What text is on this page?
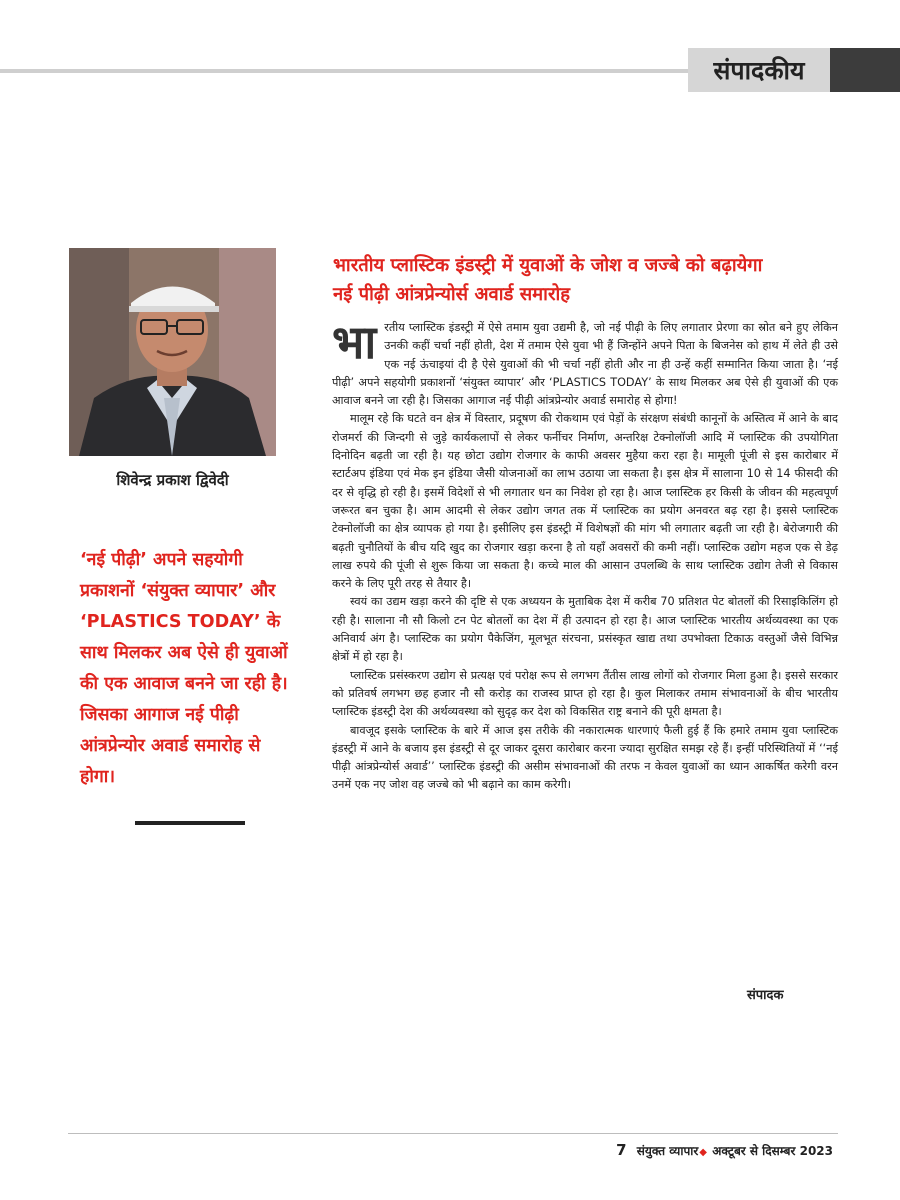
संपादकीय
शिवेन्द्र प्रकाश द्विवेदी
‘नई पीढ़ी’ अपने सहयोगी प्रकाशनों ‘संयुक्त व्यापार’ और ‘PLASTICS TODAY’ के साथ मिलकर अब ऐसे ही युवाओं की एक आवाज बनने जा रही है। जिसका आगाज नई पीढ़ी आंत्रप्रेन्योर अवार्ड समारोह से होगा।
भारतीय प्लास्टिक इंडस्ट्री में युवाओं के जोश व जज्बे को बढ़ायेगा
नई पीढ़ी आंत्रप्रेन्योर्स अवार्ड समारोह

भारतीय प्लास्टिक इंडस्ट्री में ऐसे तमाम युवा उद्यमी है, जो नई पीढ़ी के लिए लगातार प्रेरणा का स्रोत बने हुए लेकिन उनकी कहीं चर्चा नहीं होती, देश में तमाम ऐसे युवा भी हैं जिन्होंने अपने पिता के बिजनेस को हाथ में लेते ही उसे एक नई ऊंचाइयां दी है ऐसे युवाओं की भी चर्चा नहीं होती और ना ही उन्हें कहीं सम्मानित किया जाता है। ‘नई पीढ़ी’ अपने सहयोगी प्रकाशनों ‘संयुक्त व्यापार’ और ‘PLASTICS TODAY’ के साथ मिलकर अब ऐसे ही युवाओं की एक आवाज बनने जा रही है। जिसका आगाज नई पीढ़ी आंत्रप्रेन्योर अवार्ड समारोह से होगा!

मालूम रहे कि घटते वन क्षेत्र में विस्तार, प्रदूषण की रोकथाम एवं पेड़ों के संरक्षण संबंधी कानूनों के अस्तित्व में आने के बाद रोजमर्रा की जिन्दगी से जुड़े कार्यकलापों से लेकर फर्नीचर निर्माण, अन्तरिक्ष टेक्नोलॉजी आदि में प्लास्टिक की उपयोगिता दिनोदिन बढ़ती जा रही है। यह छोटा उद्योग रोजगार के काफी अवसर मुहैया करा रहा है। मामूली पूंजी से इस कारोबार में स्टार्टअप इंडिया एवं मेक इन इंडिया जैसी योजनाओं का लाभ उठाया जा सकता है। इस क्षेत्र में सालाना 10 से 14 फीसदी की दर से वृद्धि हो रही है। इसमें विदेशों से भी लगातार धन का निवेश हो रहा है। आज प्लास्टिक हर किसी के जीवन की महत्वपूर्ण जरूरत बन चुका है। आम आदमी से लेकर उद्योग जगत तक में प्लास्टिक का प्रयोग अनवरत बढ़ रहा है। इससे प्लास्टिक टेक्नोलॉजी का क्षेत्र व्यापक हो गया है। इसीलिए इस इंडस्ट्री में विशेषज्ञों की मांग भी लगातार बढ़ती जा रही है। बेरोजगारी की बढ़ती चुनौतियों के बीच यदि खुद का रोजगार खड़ा करना है तो यहाँ अवसरों की कमी नहीं। प्लास्टिक उद्योग महज एक से डेढ़ लाख रुपये की पूंजी से शुरू किया जा सकता है। कच्चे माल की आसान उपलब्धि के साथ प्लास्टिक उद्योग तेजी से विकास करने के लिए पूरी तरह से तैयार है।

स्वयं का उद्यम खड़ा करने की दृष्टि से एक अध्ययन के मुताबिक देश में करीब 70 प्रतिशत पेट बोतलों की रिसाइकिलिंग हो रही है। सालाना नौ सौ किलो टन पेट बोतलों का देश में ही उत्पादन हो रहा है। आज प्लास्टिक भारतीय अर्थव्यवस्था का एक अनिवार्य अंग है। प्लास्टिक का प्रयोग पैकेजिंग, मूलभूत संरचना, प्रसंस्कृत खाद्य तथा उपभोक्ता टिकाऊ वस्तुओं जैसे विभिन्न क्षेत्रों में हो रहा है।

प्लास्टिक प्रसंस्करण उद्योग से प्रत्यक्ष एवं परोक्ष रूप से लगभग तैंतीस लाख लोगों को रोजगार मिला हुआ है। इससे सरकार को प्रतिवर्ष लगभग छह हजार नौ सौ करोड़ का राजस्व प्राप्त हो रहा है। कुल मिलाकर तमाम संभावनाओं के बीच भारतीय प्लास्टिक इंडस्ट्री देश की अर्थव्यवस्था को सुदृढ़ कर देश को विकसित राष्ट्र बनाने की पूरी क्षमता है।

बावजूद इसके प्लास्टिक के बारे में आज इस तरीके की नकारात्मक धारणाएं फैली हुई हैं कि हमारे तमाम युवा प्लास्टिक इंडस्ट्री में आने के बजाय इस इंडस्ट्री से दूर जाकर दूसरा कारोबार करना ज्यादा सुरक्षित समझ रहे हैं। इन्हीं परिस्थितियों में ‘‘नई पीढ़ी आंत्रप्रेन्योर्स अवार्ड’’ प्लास्टिक इंडस्ट्री की असीम संभावनाओं की तरफ न केवल युवाओं का ध्यान आकर्षित करेगी वरन उनमें एक नए जोश वह जज्बे को भी बढ़ाने का काम करेगी।

संपादक
7 संयुक्त व्यापार◆ अक्टूबर से दिसम्बर 2023
